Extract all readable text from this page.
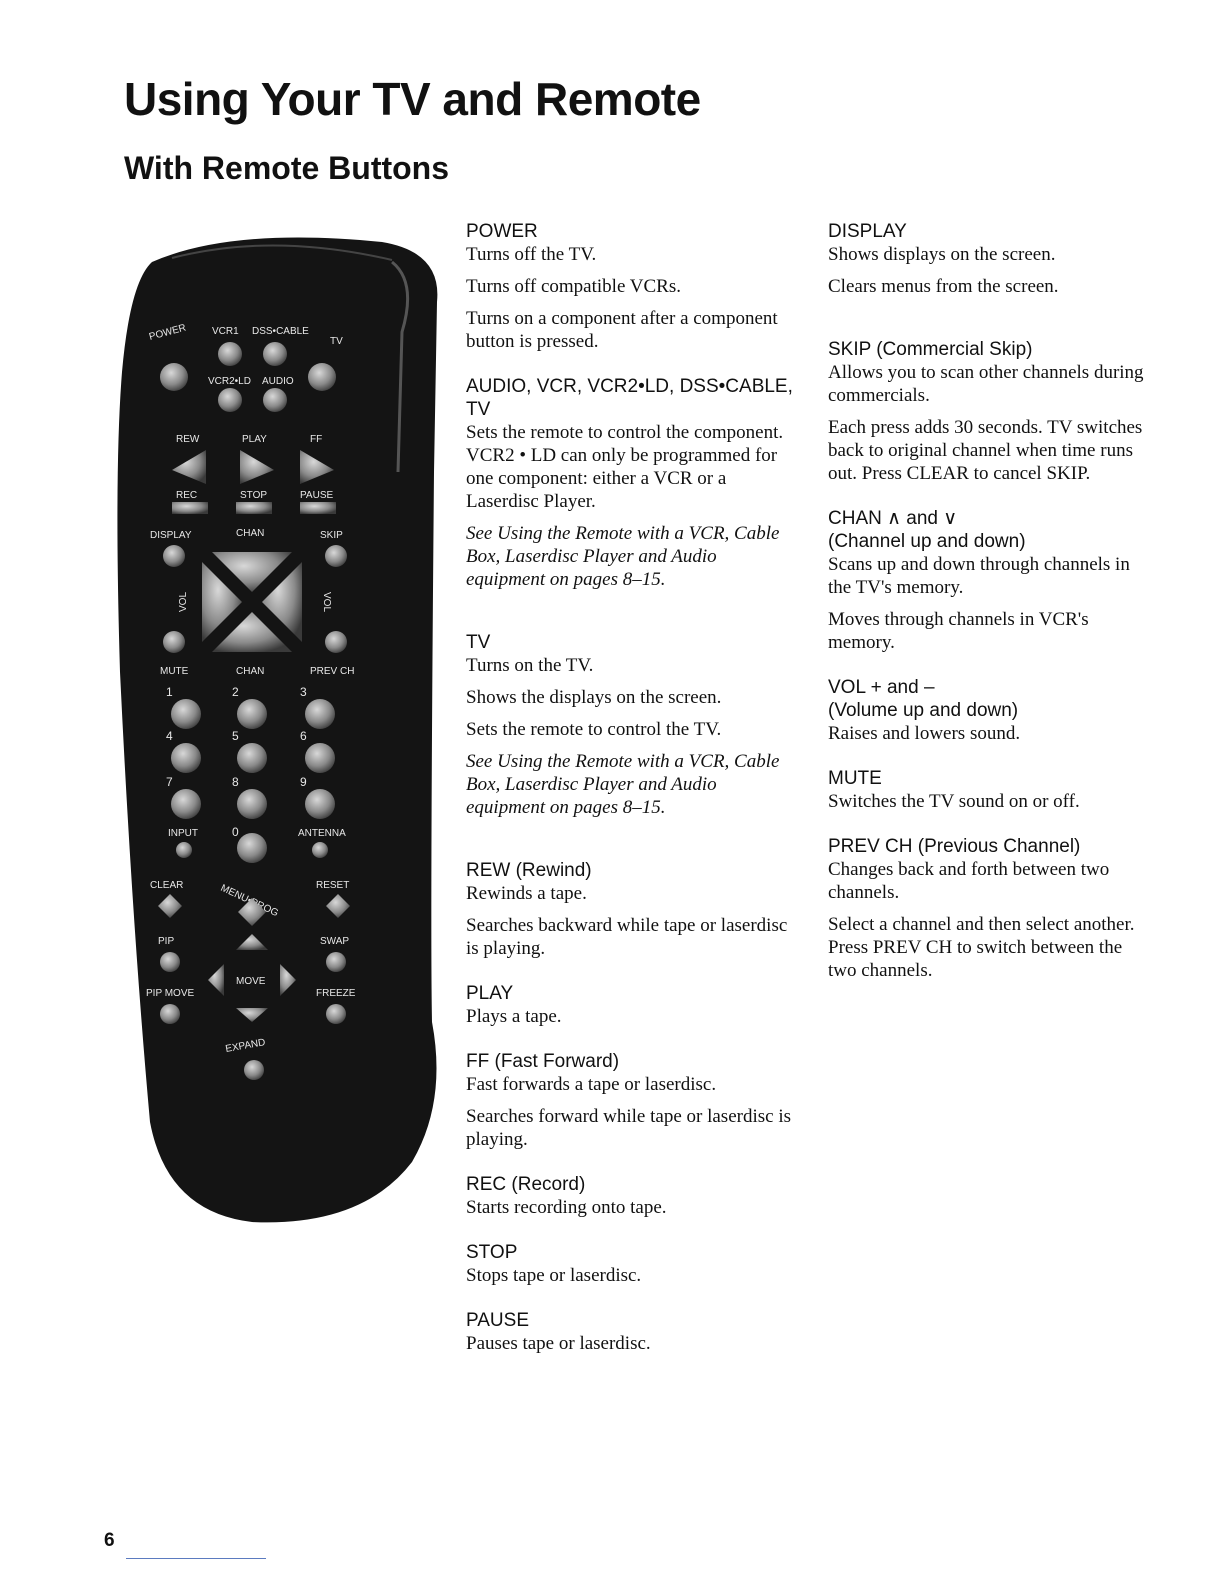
Using Your TV and Remote
With Remote Buttons
POWER VCR1 DSS•CABLE
TV
VCR2•LD AUDIO
REW	PLAY	FF
REC	STOP	PAUSE
DISPLAY	CHAN	SKIP
VOL	VOL
MUTE	CHAN	PREV CH
1	2	3
4	5	6
7	8	9
INPUT	0	ANTENNA
CLEAR	RESET
PIP	SWAP
MOVE
PIP MOVE	FREEZE
EXPAND

POWER

Turns off the TV.

Turns off compatible VCRs.

Turns on a component after a component button is pressed.

AUDIO, VCR, VCR2•LD, DSS•CABLE, TV

Sets the remote to control the component. VCR2 • LD can only be programmed for one component: either a VCR or a Laserdisc Player.

See Using the Remote with a VCR, Cable Box, Laserdisc Player and Audio equipment on pages 8–15.

TV

Turns on the TV.

Shows the displays on the screen.

Sets the remote to control the TV.

See Using the Remote with a VCR, Cable Box, Laserdisc Player and Audio equipment on pages 8–15.

REW (Rewind)

Rewinds a tape.

Searches backward while tape or laserdisc is playing.

PLAY

Plays a tape.

FF (Fast Forward)

Fast forwards a tape or laserdisc.

Searches forward while tape or laserdisc is playing.

REC (Record)

Starts recording onto tape.

STOP

Stops tape or laserdisc.

PAUSE

Pauses tape or laserdisc.

DISPLAY

Shows displays on the screen.

Clears menus from the screen.

SKIP (Commercial Skip)

Allows you to scan other channels during commercials.

Each press adds 30 seconds. TV switches back to original channel when time runs out. Press CLEAR to cancel SKIP.

CHAN ∧ and ∨

(Channel up and down)

Scans up and down through channels in the TV's memory.

Moves through channels in VCR's memory.

VOL + and –

(Volume up and down)

Raises and lowers sound.

MUTE

Switches the TV sound on or off.

PREV CH (Previous Channel)

Changes back and forth between two channels.

Select a channel and then select another. Press PREV CH to switch between the two channels.

6
